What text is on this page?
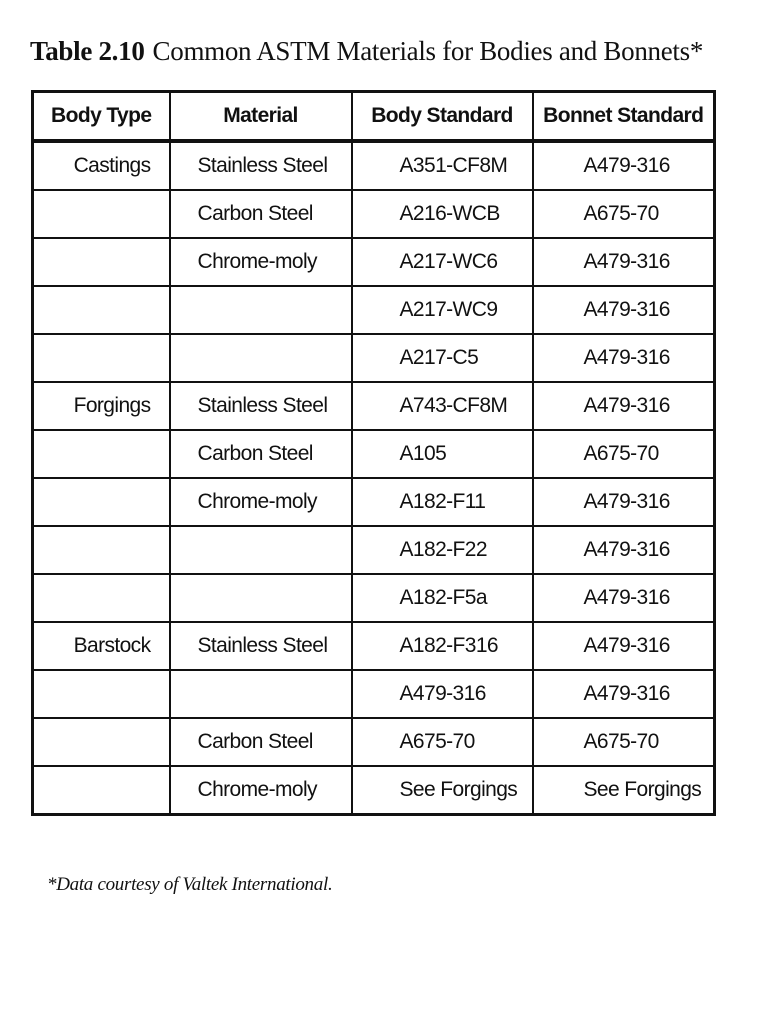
Table 2.10 Common ASTM Materials for Bodies and Bonnets*
Body Type	Material	Body Standard	Bonnet Standard
Castings	Stainless Steel	A351-CF8M	A479-316
	Carbon Steel	A216-WCB	A675-70
	Chrome-moly	A217-WC6	A479-316
		A217-WC9	A479-316
		A217-C5	A479-316
Forgings	Stainless Steel	A743-CF8M	A479-316
	Carbon Steel	A105	A675-70
	Chrome-moly	A182-F11	A479-316
		A182-F22	A479-316
		A182-F5a	A479-316
Barstock	Stainless Steel	A182-F316	A479-316
		A479-316	A479-316
	Carbon Steel	A675-70	A675-70
	Chrome-moly	See Forgings	See Forgings
*Data courtesy of Valtek International.
